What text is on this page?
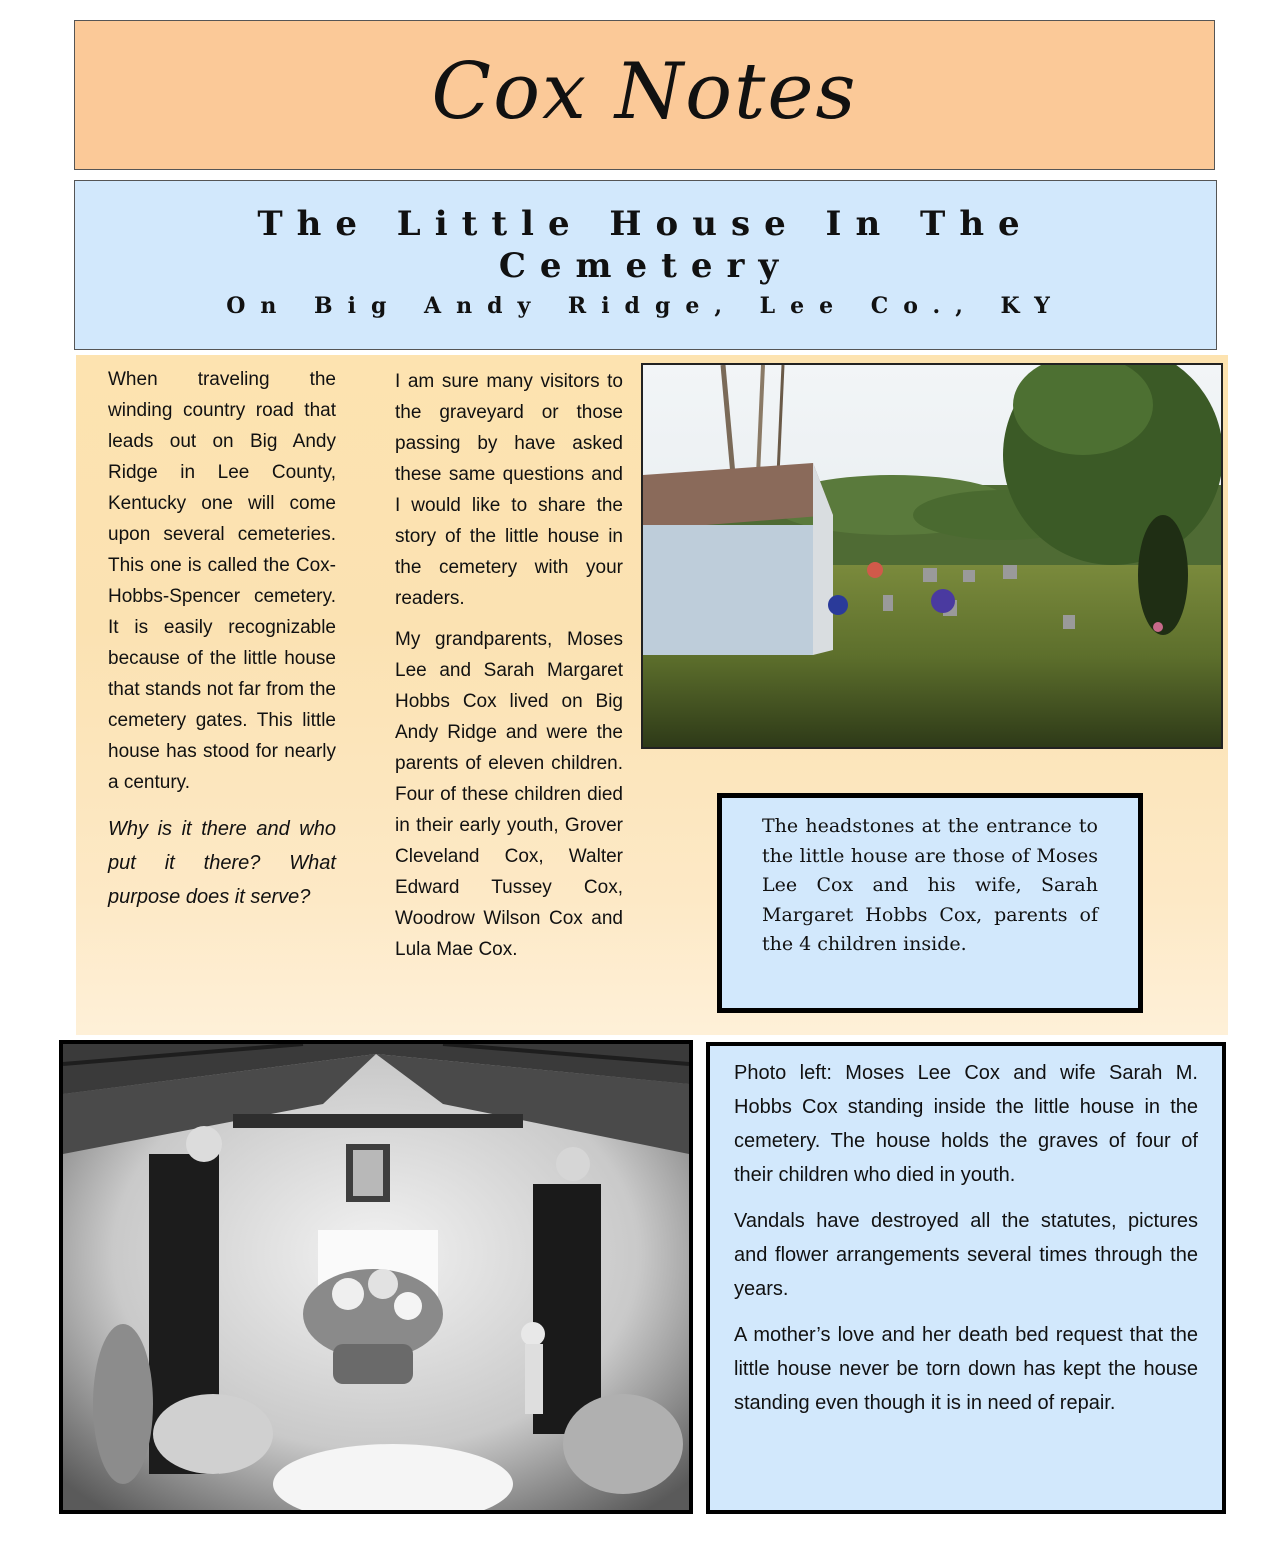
Cox Notes
The Little House In The Cemetery
On Big Andy Ridge, Lee Co., KY

When traveling the winding country road that leads out on Big Andy Ridge in Lee County, Kentucky one will come upon several cemeteries. This one is called the Cox-Hobbs-Spencer cemetery. It is easily recognizable because of the little house that stands not far from the cemetery gates. This little house has stood for nearly a century.

Why is it there and who put it there? What purpose does it serve?

I am sure many visitors to the graveyard or those passing by have asked these same questions and I would like to share the story of the little house in the cemetery with your readers.

My grandparents, Moses Lee and Sarah Margaret Hobbs Cox lived on Big Andy Ridge and were the parents of eleven children. Four of these children died in their early youth, Grover Cleveland Cox, Walter Edward Tussey Cox, Woodrow Wilson Cox and Lula Mae Cox.

The headstones at the entrance to the little house are those of Moses Lee Cox and his wife, Sarah Margaret Hobbs Cox, parents of the 4 children inside.

Photo left: Moses Lee Cox and wife Sarah M. Hobbs Cox standing inside the little house in the cemetery. The house holds the graves of four of their children who died in youth.

Vandals have destroyed all the statutes, pictures and flower arrangements several times through the years.

A mother’s love and her death bed request that the little house never be torn down has kept the house standing even though it is in need of repair.
